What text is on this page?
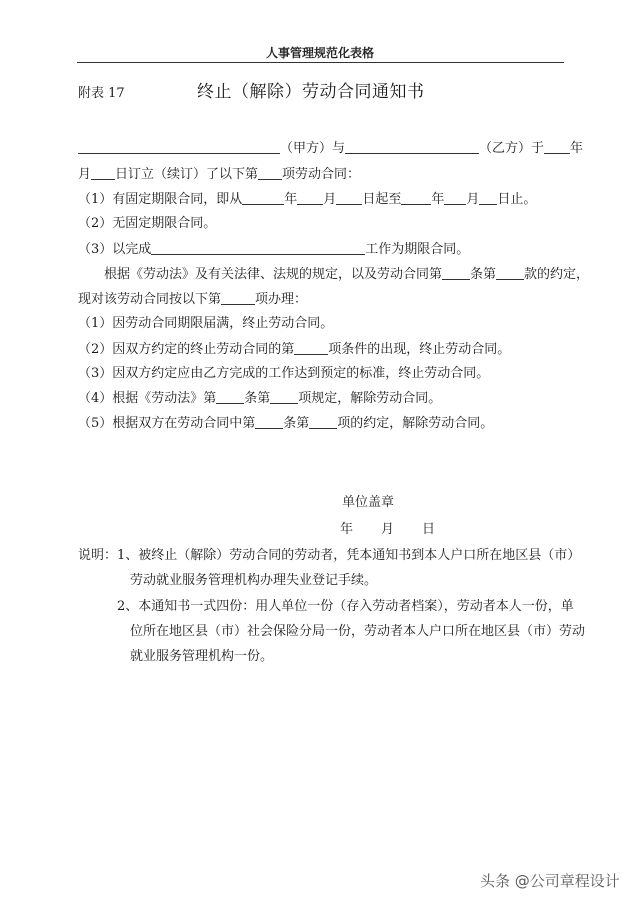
人事管理规范化表格
附表 17	终止（解除）劳动合同通知书
（甲方）与	（乙方）于 年
月 日订立（续订）了以下第 项劳动合同：
（1）有固定期限合同，即从	年 月 日起至 年 月 日止。
（2）无固定期限合同。
（3）以完成	工作为期限合同。
根据《劳动法》及有关法律、法规的规定，以及劳动合同第 条第 款的约定，
现对该劳动合同按以下第	项办理：
（1）因劳动合同期限届满，终止劳动合同。
（2）因双方约定的终止劳动合同的第	项条件的出现，终止劳动合同。
（3）因双方约定应由乙方完成的工作达到预定的标准，终止劳动合同。
（4）根据《劳动法》第 条第 项规定，解除劳动合同。
（5）根据双方在劳动合同中第 条第 项的约定，解除劳动合同。
单位盖章
年 月 日
说明： 1、被终止（解除）劳动合同的劳动者，凭本通知书到本人户口所在地区县（市）
劳动就业服务管理机构办理失业登记手续。
2、本通知书一式四份：用人单位一份（存入劳动者档案），劳动者本人一份，单
位所在地区县（市）社会保险分局一份，劳动者本人户口所在地区县（市）劳动
就业服务管理机构一份。
头条 @公司章程设计
